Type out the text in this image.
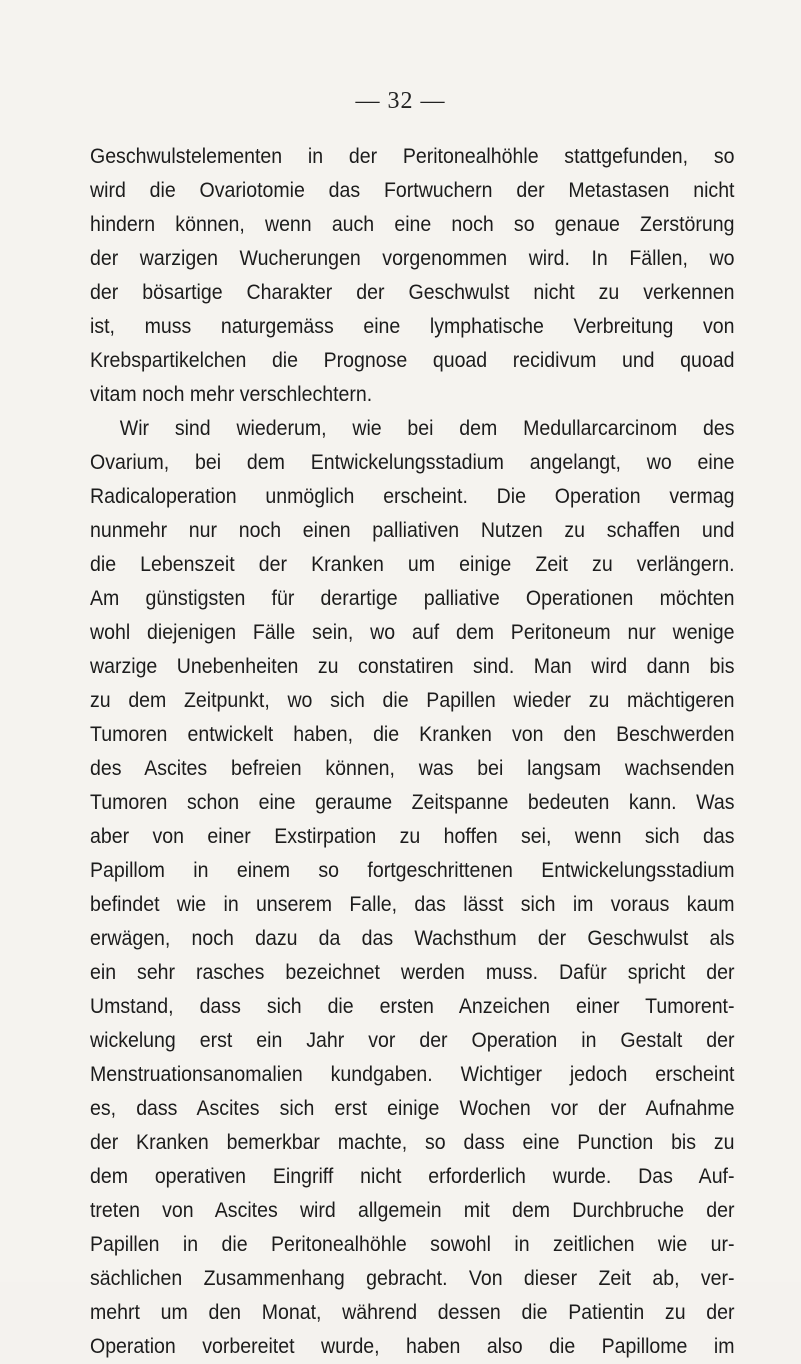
— 32 —
Geschwulstelementen in der Peritonealhöhle stattgefunden, so
wird die Ovariotomie das Fortwuchern der Metastasen nicht
hindern können, wenn auch eine noch so genaue Zerstörung
der warzigen Wucherungen vorgenommen wird. In Fällen, wo
der bösartige Charakter der Geschwulst nicht zu verkennen
ist, muss naturgemäss eine lymphatische Verbreitung von
Krebspartikelchen die Prognose quoad recidivum und quoad
vitam noch mehr verschlechtern.
Wir sind wiederum, wie bei dem Medullarcarcinom des
Ovarium, bei dem Entwickelungsstadium angelangt, wo eine
Radicaloperation unmöglich erscheint. Die Operation vermag
nunmehr nur noch einen palliativen Nutzen zu schaffen und
die Lebenszeit der Kranken um einige Zeit zu verlängern.
Am günstigsten für derartige palliative Operationen möchten
wohl diejenigen Fälle sein, wo auf dem Peritoneum nur wenige
warzige Unebenheiten zu constatiren sind. Man wird dann bis
zu dem Zeitpunkt, wo sich die Papillen wieder zu mächtigeren
Tumoren entwickelt haben, die Kranken von den Beschwerden
des Ascites befreien können, was bei langsam wachsenden
Tumoren schon eine geraume Zeitspanne bedeuten kann. Was
aber von einer Exstirpation zu hoffen sei, wenn sich das
Papillom in einem so fortgeschrittenen Entwickelungsstadium
befindet wie in unserem Falle, das lässt sich im voraus kaum
erwägen, noch dazu da das Wachsthum der Geschwulst als
ein sehr rasches bezeichnet werden muss. Dafür spricht der
Umstand, dass sich die ersten Anzeichen einer Tumorent-
wickelung erst ein Jahr vor der Operation in Gestalt der
Menstruationsanomalien kundgaben. Wichtiger jedoch erscheint
es, dass Ascites sich erst einige Wochen vor der Aufnahme
der Kranken bemerkbar machte, so dass eine Punction bis zu
dem operativen Eingriff nicht erforderlich wurde. Das Auf-
treten von Ascites wird allgemein mit dem Durchbruche der
Papillen in die Peritonealhöhle sowohl in zeitlichen wie ur-
sächlichen Zusammenhang gebracht. Von dieser Zeit ab, ver-
mehrt um den Monat, während dessen die Patientin zu der
Operation vorbereitet wurde, haben also die Papillome im
